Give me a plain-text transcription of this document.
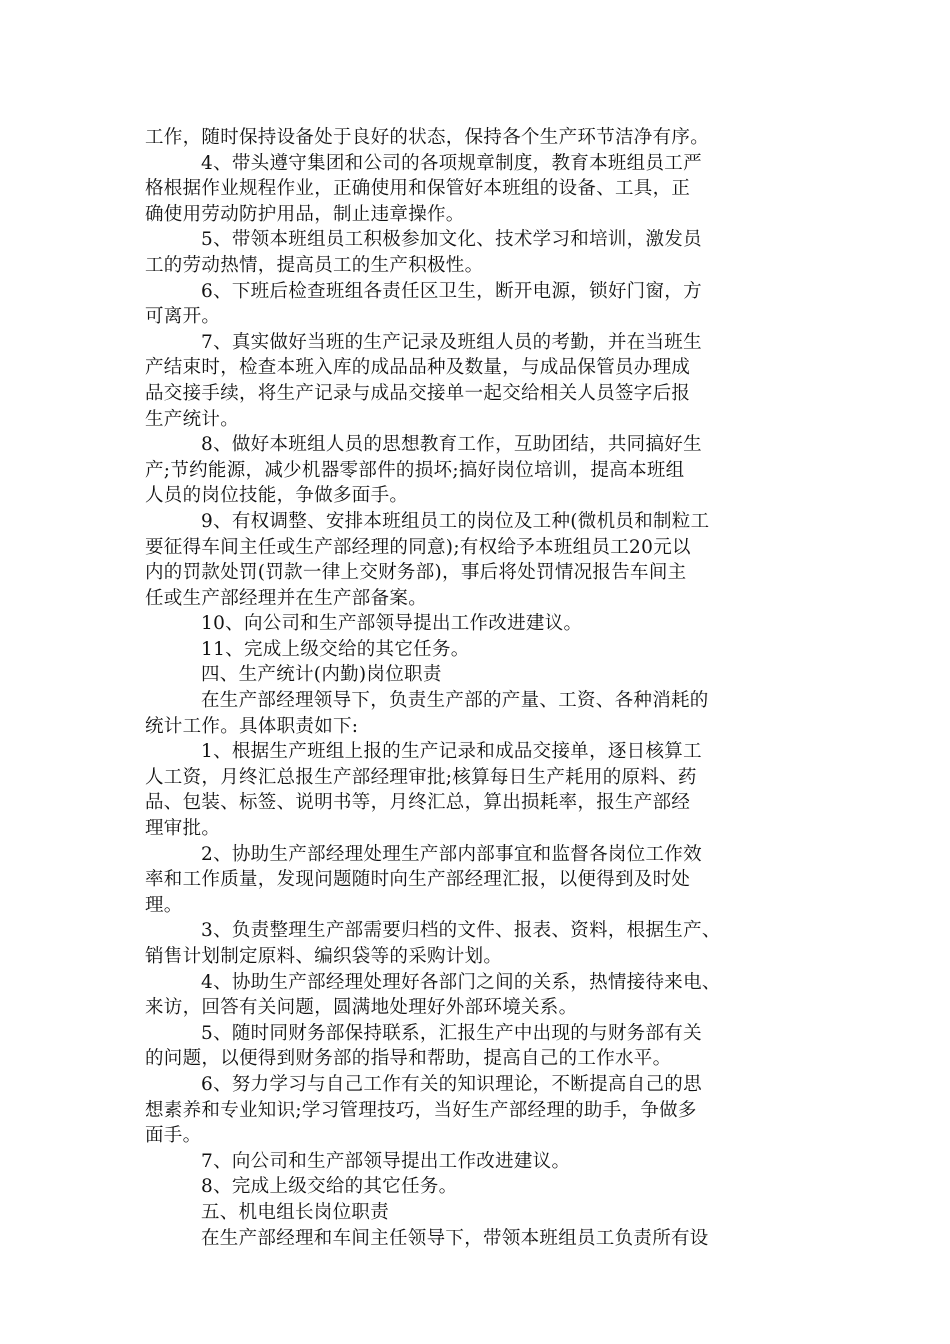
工作，随时保持设备处于良好的状态，保持各个生产环节洁净有序。
4、带头遵守集团和公司的各项规章制度，教育本班组员工严
格根据作业规程作业，正确使用和保管好本班组的设备、工具，正
确使用劳动防护用品，制止违章操作。
5、带领本班组员工积极参加文化、技术学习和培训，激发员
工的劳动热情，提高员工的生产积极性。
6、下班后检查班组各责任区卫生，断开电源，锁好门窗，方
可离开。
7、真实做好当班的生产记录及班组人员的考勤，并在当班生
产结束时，检查本班入库的成品品种及数量，与成品保管员办理成
品交接手续，将生产记录与成品交接单一起交给相关人员签字后报
生产统计。
8、做好本班组人员的思想教育工作，互助团结，共同搞好生
产;节约能源，减少机器零部件的损坏;搞好岗位培训，提高本班组
人员的岗位技能，争做多面手。
9、有权调整、安排本班组员工的岗位及工种(微机员和制粒工
要征得车间主任或生产部经理的同意);有权给予本班组员工20元以
内的罚款处罚(罚款一律上交财务部)，事后将处罚情况报告车间主
任或生产部经理并在生产部备案。
10、向公司和生产部领导提出工作改进建议。
11、完成上级交给的其它任务。
四、生产统计(内勤)岗位职责
在生产部经理领导下，负责生产部的产量、工资、各种消耗的
统计工作。具体职责如下:
1、根据生产班组上报的生产记录和成品交接单，逐日核算工
人工资，月终汇总报生产部经理审批;核算每日生产耗用的原料、药
品、包装、标签、说明书等，月终汇总，算出损耗率，报生产部经
理审批。
2、协助生产部经理处理生产部内部事宜和监督各岗位工作效
率和工作质量，发现问题随时向生产部经理汇报，以便得到及时处
理。
3、负责整理生产部需要归档的文件、报表、资料，根据生产、
销售计划制定原料、编织袋等的采购计划。
4、协助生产部经理处理好各部门之间的关系，热情接待来电、
来访，回答有关问题，圆满地处理好外部环境关系。
5、随时同财务部保持联系，汇报生产中出现的与财务部有关
的问题，以便得到财务部的指导和帮助，提高自己的工作水平。
6、努力学习与自己工作有关的知识理论，不断提高自己的思
想素养和专业知识;学习管理技巧，当好生产部经理的助手，争做多
面手。
7、向公司和生产部领导提出工作改进建议。
8、完成上级交给的其它任务。
五、机电组长岗位职责
在生产部经理和车间主任领导下，带领本班组员工负责所有设
